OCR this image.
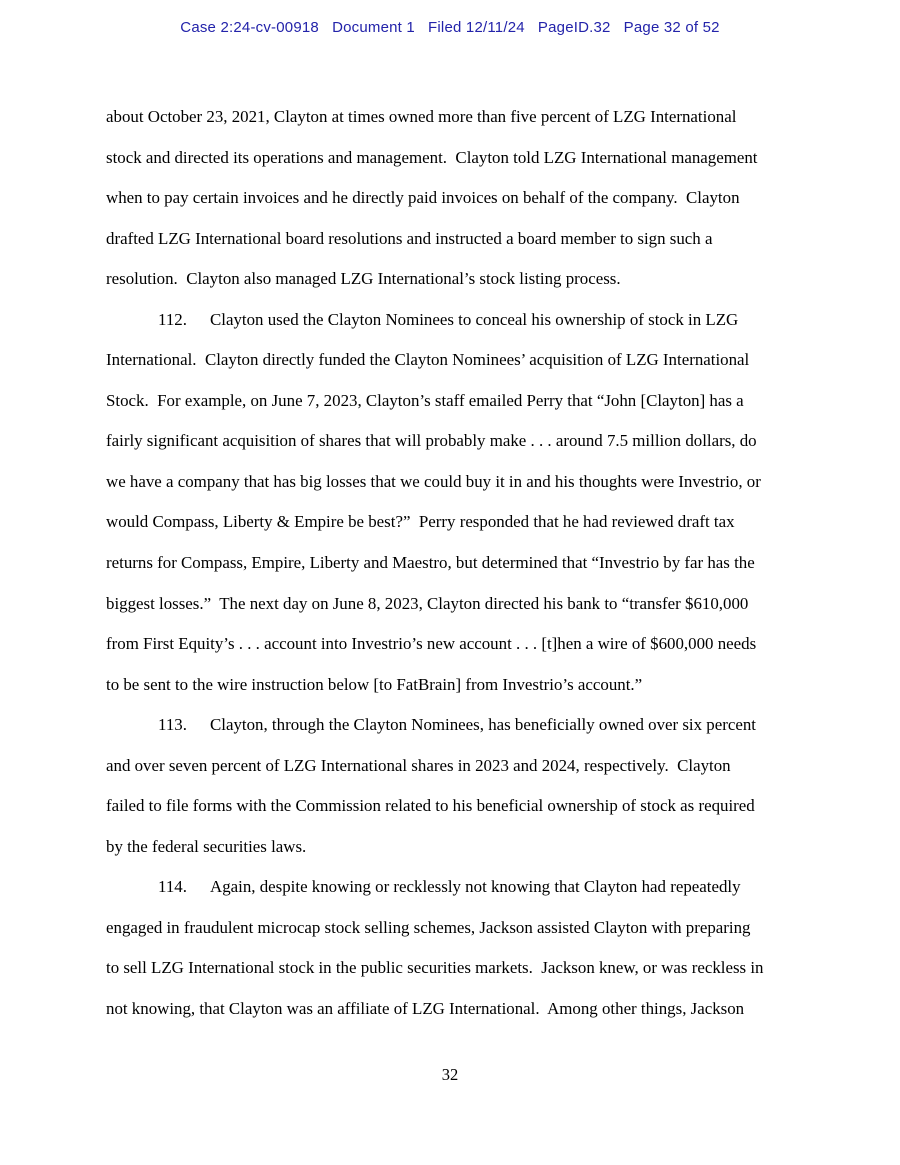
Case 2:24-cv-00918   Document 1   Filed 12/11/24   PageID.32   Page 32 of 52
about October 23, 2021, Clayton at times owned more than five percent of LZG International
stock and directed its operations and management.  Clayton told LZG International management
when to pay certain invoices and he directly paid invoices on behalf of the company.  Clayton
drafted LZG International board resolutions and instructed a board member to sign such a
resolution.  Clayton also managed LZG International’s stock listing process.
112. Clayton used the Clayton Nominees to conceal his ownership of stock in LZG
International.  Clayton directly funded the Clayton Nominees’ acquisition of LZG International
Stock.  For example, on June 7, 2023, Clayton’s staff emailed Perry that “John [Clayton] has a
fairly significant acquisition of shares that will probably make . . . around 7.5 million dollars, do
we have a company that has big losses that we could buy it in and his thoughts were Investrio, or
would Compass, Liberty & Empire be best?”  Perry responded that he had reviewed draft tax
returns for Compass, Empire, Liberty and Maestro, but determined that “Investrio by far has the
biggest losses.”  The next day on June 8, 2023, Clayton directed his bank to “transfer $610,000
from First Equity’s . . . account into Investrio’s new account . . . [t]hen a wire of $600,000 needs
to be sent to the wire instruction below [to FatBrain] from Investrio’s account.”
113. Clayton, through the Clayton Nominees, has beneficially owned over six percent
and over seven percent of LZG International shares in 2023 and 2024, respectively.  Clayton
failed to file forms with the Commission related to his beneficial ownership of stock as required
by the federal securities laws.
114. Again, despite knowing or recklessly not knowing that Clayton had repeatedly
engaged in fraudulent microcap stock selling schemes, Jackson assisted Clayton with preparing
to sell LZG International stock in the public securities markets.  Jackson knew, or was reckless in
not knowing, that Clayton was an affiliate of LZG International.  Among other things, Jackson
32
